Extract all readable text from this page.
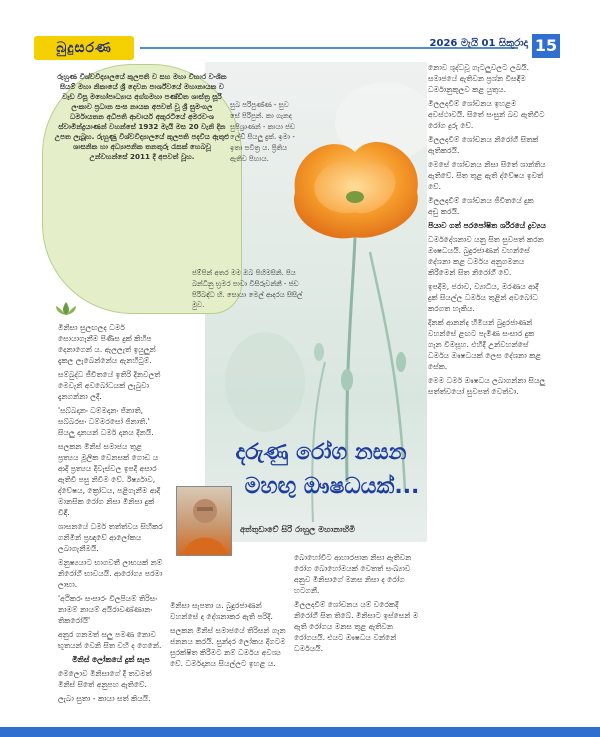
බුදුසරණ	2026 මැයි 01 සිකුරාදා 15
රුහුණ විශ්වවිද්‍යාලයේ කුලපති ව සහ මහා විහාර වංශික සියම් මහා නිකායේ ශ්‍රී දෙවන පාර්ශ්වයේ මහානායක ව වැඩ විසූ මහෝපාධ්‍යාය අග්ගමහා පණ්ඩිත ශාස්ත්‍ර සූරි ලංකාව ප්‍රධාන සංඝ නායක අපවත් වූ ශ්‍රී සුමංගල ධර්මායතන අධිපති ආචාර්ය අකුරටියේ අමරවංශ ස්වාමීන්ද්‍රයාණන් වහන්සේ 1932 මැයි මස 20 වැනි දින උපත ලැබූහ. රුහුණු විශ්වවිද්‍යාලයේ කුලපති පදවිය ඇතුළු ශාසනික හා අධ්‍යාපනික තනතුරු රැසක් හෙබවූ උන්වහන්සේ 2011 දී අපවත් වූහ.
සුඛ පරිපුණ්ණ - සුව සේ පිරිපුන්. කා ගැනද සුපිශ්‍රාණන් - කායා ජඩ ලේඩ් සියලු දුක්. ඉමා - ඉතා පවිත්‍ර ය. ප්‍රීතිය ඇතිව පිහාය.
ජම්පින් අතර මම ඔබ පිහිමසිනි. පිය බන්ධිනු භ්‍රමර පාවා විසිරුවන්නී - ජඩ පිරිබඳ්ධ හි. සොයා මෙල් ආදරය සිසිල් මුව.

මිනිසා සුලඟලද ධර්ම සොයාගැනීම පිණිස දුක් කිහිප දෙනාගෙන් ය. ඇලලැත් ඉයුලුන් දැකල ලැබෙන්නේය ඇනහිටුම්.

සම්බුද්ධ ජීවිතයේ ඉතිරි දිනවලත් මෙවැනි අවබෝධයක් ලැබුවා දැනගන්නා ලදී.

'සබ්බදානං ධම්මදානං ජිනාති, සබ්බරසං ධම්මරසෝ ජිනාති.' සියලු දානයන් ධර්ම දානය දිනයි.

සලකන මිනිස් සමාජය තුළ ප්‍රත්‍යය මූලික වෙනසක් ගොඩ ය ආදි ප්‍රත්‍යය දිවැස්වල ඉපදී අසාර ඇතිවී පසු නිවීම වේ. ඊර්ෂ්‍යාව, ද්වේෂය, ක්‍රෝධය, පළිගැනීම ආදී මානසික රෝග නිසා මිනිසා දුක් විඳී.

ශාසනයේ ධර්ම තත්ත්වය සිහිකර ගනිමින් ප්‍රඥාවේ ආලෝකය ලබාගැනීමයි.

මනුෂ්‍යයාට භාගවතී ලාභයක් නම් නිරෝගී භාවයයි. ආරෝග්‍ය පරමා ලාභා.

'අථිකරං සංසාරං විලපියම් තිරිසං නාමම් නායම් අයිරාවණ්ණානං තිකරෝයි'

අනුර ගනමත් සලු පමණ නොව භූතයන් වෙනි සිත වහි ද ගෙනේ.

මිනිස් ලෝකයේ දුක් සැප

මෙලොව මිනිසාගේ දී තවමත් මිනිස් සිතේ අනුපහ ඇතිවේ.

ලැබා සුතා - කායා සත් කියයි.

දරුණු රෝග නසන
මහඟු ඖෂධයක්...
අත්තුඩාවේ සිරි රාහුල මහානාහිමි

මිනිසා සැපතා ය. බුදුරජාණන් වහන්සේ ද දේශනාකර ඇති පරිදි.

සලකන මිනිස් සමාජයේ තිරිසන් ගැන ජනනය කරයි. සුන්දර ලෝකය දිගටම සුරක්ෂිත කිරීමට නම් ධර්මය අවශ්‍ය වේ. ධර්මදානය සියල්ලට ඉහළ ය.

බොහෝවිට ආහාරපාන නිසා ඇතිවන රෝග බොහෝමයක් වෙතත් සංඛ්‍යාව අනුව මිනිසාගේ මනස නිසා ද රෝග හටගනී.

මිලලදවීම් ශෝචනය යම් වරෙකදී නිරෝගී සිත තිබේ. මිනිසාට ඉස්සෙන් ම ඇති රෝගය මනස තුළ ඇතිවන රෝගයයි. එයට ඖෂධය වන්නේ ධර්මයයි.

නොව ශුද්ධවූ ගැටලුවලට ලබයි. සමාජයේ ඇතිවන ප්‍රශ්න විසඳීම ධර්මානුකූලව කළ යුතුය.

මිලලදවීම් ශෝචනය ඉහළම අවස්ථාවයි. සිතේ සංසුන් බව ඇතිවිට රෝග දුරු වේ.

මිලලදවීම් ශෝචනය නිරෝගී සිතක් ඇතිකරයි.

මෙසේ ශෝචනය නිසා සිතේ ශාන්තිය ඇතිවේ. සිත තුළ ඇති ද්වේෂය ඉවත් වේ.

මිලලදවීම් ශෝචනය ජීවිතයේ දුක අඩු කරයි.

පියාව ගත් පරපෝෂිත ශරීරයේ ද්‍රව්‍යය

ධර්මදේශනාව යනු සිත සුවපත් කරන ඖෂධයයි. බුදුරජාණන් වහන්සේ දේශනා කළ ධර්මය අනුගමනය කිරීමෙන් සිත නිරෝගී වේ.

ඉපදීම, ජරාව, ව්‍යාධිය, මරණය ආදී දුක් සියල්ල ධර්මය තුළින් අවබෝධ කරගත හැකිය.

දිනක් ආනන්ද හිමියන් බුදුරජාණන් වහන්සේ ළඟට පැමිණ සංසාර දුක ගැන විමසූහ. එහිදී උන්වහන්සේ ධර්මය ඖෂධයක් ලෙස දේශනා කළ සේක.

මෙම ධර්ම ඖෂධය ලබාගන්නා සියලු සත්ත්වයෝ සුවපත් වෙත්වා.
